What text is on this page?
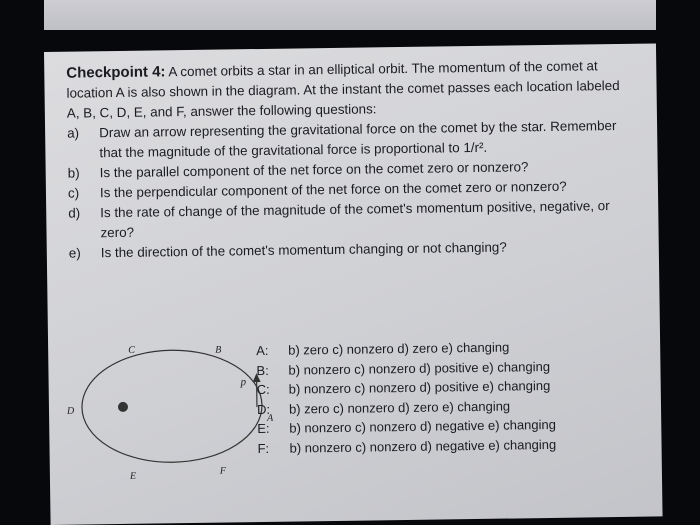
Checkpoint 4: A comet orbits a star in an elliptical orbit. The momentum of the comet at location A is also shown in the diagram. At the instant the comet passes each location labeled A, B, C, D, E, and F, answer the following questions:

a) Draw an arrow representing the gravitational force on the comet by the star. Remember that the magnitude of the gravitational force is proportional to 1/r².
b) Is the parallel component of the net force on the comet zero or nonzero?
c) Is the perpendicular component of the net force on the comet zero or nonzero?
d) Is the rate of change of the magnitude of the comet's momentum positive, negative, or zero?
e) Is the direction of the comet's momentum changing or not changing?
p⃗
A
B
C
D
E	F
A:	b) zero c) nonzero d) zero e) changing
B:	b) nonzero c) nonzero d) positive e) changing
C:	b) nonzero c) nonzero d) positive e) changing
D:	b) zero c) nonzero d) zero e) changing
E:	b) nonzero c) nonzero d) negative e) changing
F:	b) nonzero c) nonzero d) negative e) changing
